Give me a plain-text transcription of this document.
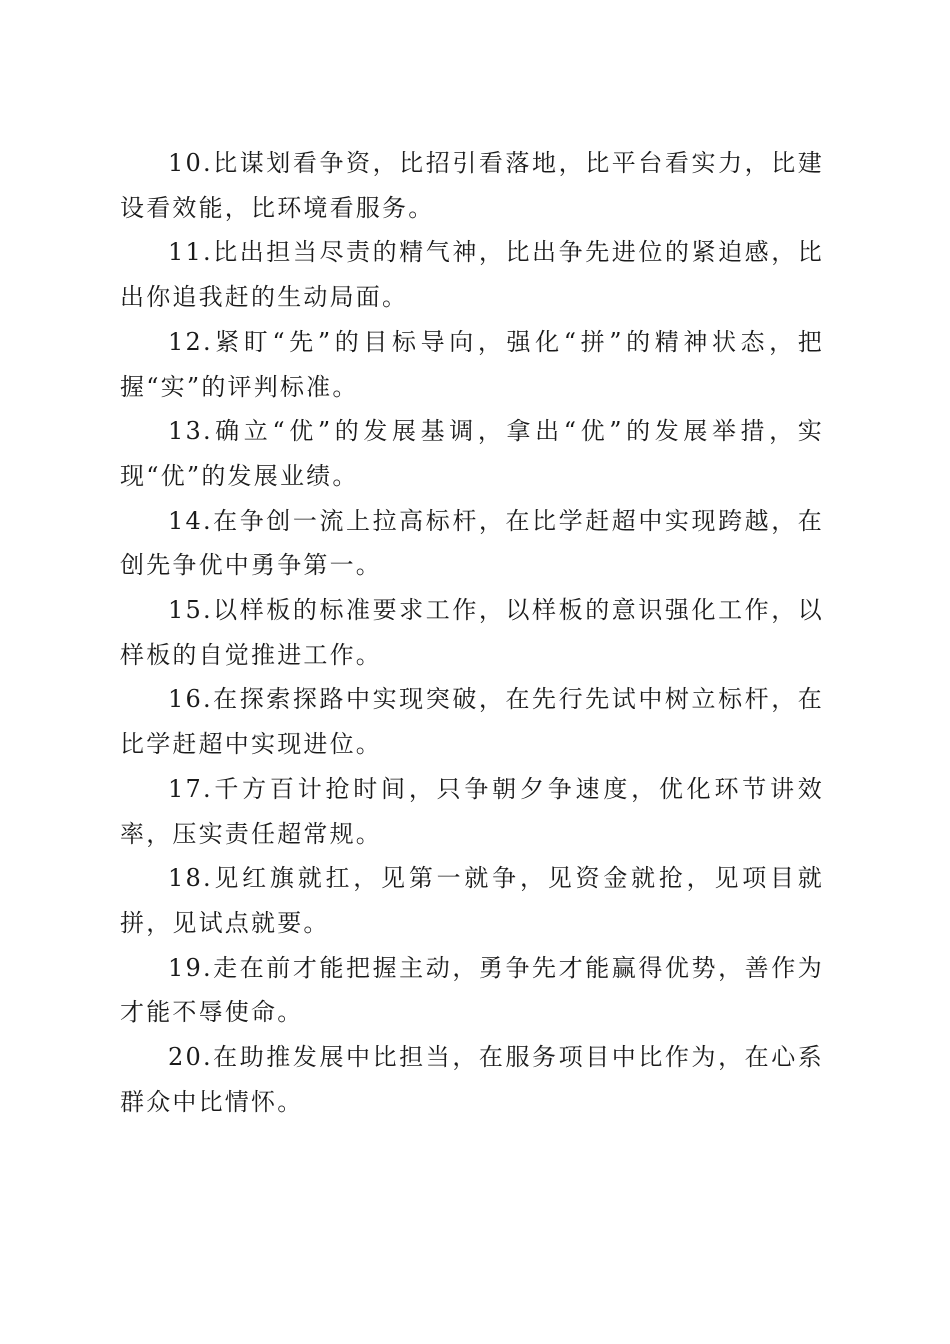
10.比谋划看争资，比招引看落地，比平台看实力，比建设看效能，比环境看服务。

11.比出担当尽责的精气神，比出争先进位的紧迫感，比出你追我赶的生动局面。

12.紧盯“先”的目标导向，强化“拼”的精神状态，把握“实”的评判标准。

13.确立“优”的发展基调，拿出“优”的发展举措，实现“优”的发展业绩。

14.在争创一流上拉高标杆，在比学赶超中实现跨越，在创先争优中勇争第一。

15.以样板的标准要求工作，以样板的意识强化工作，以样板的自觉推进工作。

16.在探索探路中实现突破，在先行先试中树立标杆，在比学赶超中实现进位。

17.千方百计抢时间，只争朝夕争速度，优化环节讲效率，压实责任超常规。

18.见红旗就扛，见第一就争，见资金就抢，见项目就拼，见试点就要。

19.走在前才能把握主动，勇争先才能赢得优势，善作为才能不辱使命。

20.在助推发展中比担当，在服务项目中比作为，在心系群众中比情怀。
